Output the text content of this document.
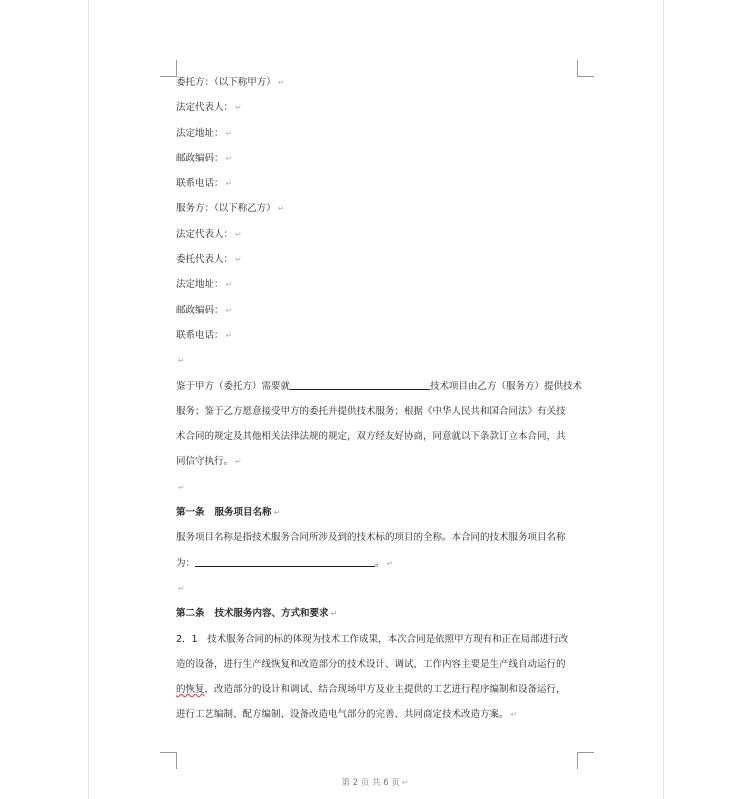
委托方：（以下称甲方） ↵
法定代表人： ↵
法定地址： ↵
邮政编码： ↵
联系电话： ↵
服务方：（以下称乙方） ↵
法定代表人： ↵
委托代表人： ↵
法定地址： ↵
邮政编码： ↵
联系电话： ↵
↵
鉴于甲方（委托方）需要就	技术项目由乙方（服务方）提供技术
服务；鉴于乙方愿意接受甲方的委托并提供技术服务；根据《中华人民共和国合同法》有关技
术合同的规定及其他相关法律法规的规定，双方经友好协商，同意就以下条款订立本合同，共
同信守执行。 ↵
↵
第一条 服务项目名称 ↵
服务项目名称是指技术服务合同所涉及到的技术标的项目的全称。本合同的技术服务项目名称
为：	。 ↵
↵
第二条 技术服务内容、方式和要求 ↵
2．1　技术服务合同的标的体现为技术工作成果，本次合同是依照甲方现有和正在局部进行改
造的设备，进行生产线恢复和改造部分的技术设计、调试，工作内容主要是生产线自动运行的
的恢复，改造部分的设计和调试、结合现场甲方及业主提供的工艺进行程序编制和设备运行，
进行工艺编制、配方编制、设备改造电气部分的完善、共同商定技术改造方案。 ↵
第 2 页 共 6 页 ↵
